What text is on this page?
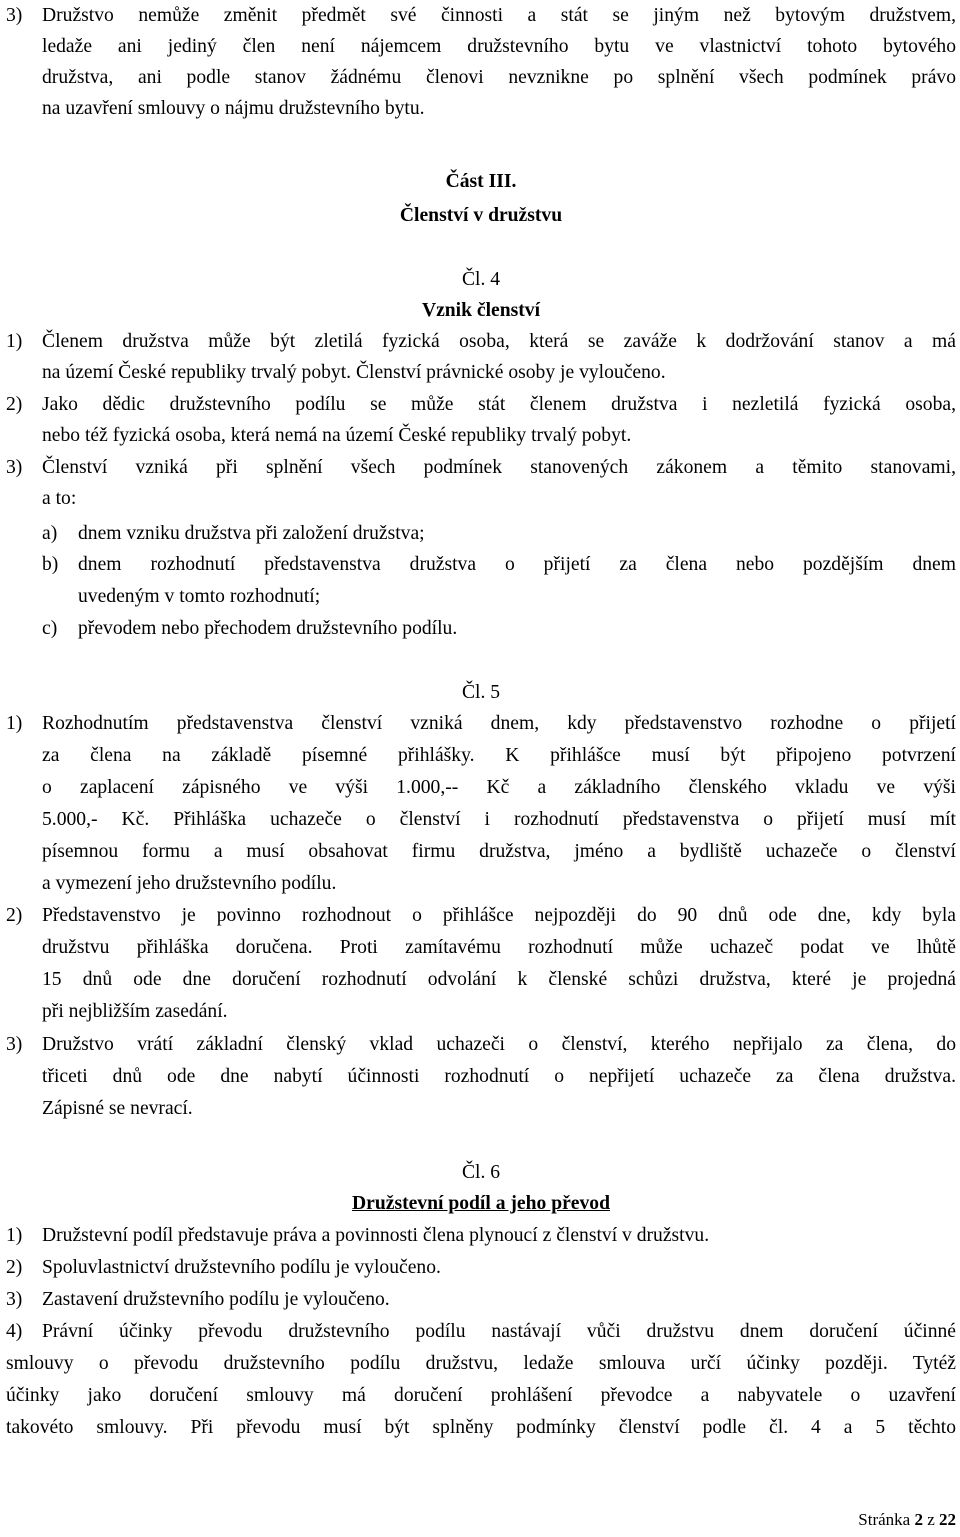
3) Družstvo nemůže změnit předmět své činnosti a stát se jiným než bytovým družstvem,
ledaže ani jediný člen není nájemcem družstevního bytu ve vlastnictví tohoto bytového
družstva, ani podle stanov žádnému členovi nevznikne po splnění všech podmínek právo
na uzavření smlouvy o nájmu družstevního bytu.
Část III.
Členství v družstvu
Čl. 4
Vznik členství
1) Členem družstva může být zletilá fyzická osoba, která se zaváže k dodržování stanov a má
na území České republiky trvalý pobyt. Členství právnické osoby je vyloučeno.
2) Jako dědic družstevního podílu se může stát členem družstva i nezletilá fyzická osoba,
nebo též fyzická osoba, která nemá na území České republiky trvalý pobyt.
3) Členství vzniká při splnění všech podmínek stanovených zákonem a těmito stanovami,
a to:
a) dnem vzniku družstva při založení družstva;
b) dnem rozhodnutí představenstva družstva o přijetí za člena nebo pozdějším dnem
uvedeným v tomto rozhodnutí;
c) převodem nebo přechodem družstevního podílu.
Čl. 5
1) Rozhodnutím představenstva členství vzniká dnem, kdy představenstvo rozhodne o přijetí
za člena na základě písemné přihlášky. K přihlášce musí být připojeno potvrzení
o zaplacení zápisného ve výši 1.000,-- Kč a základního členského vkladu ve výši
5.000,- Kč. Přihláška uchazeče o členství i rozhodnutí představenstva o přijetí musí mít
písemnou formu a musí obsahovat firmu družstva, jméno a bydliště uchazeče o členství
a vymezení jeho družstevního podílu.
2) Představenstvo je povinno rozhodnout o přihlášce nejpozději do 90 dnů ode dne, kdy byla
družstvu přihláška doručena. Proti zamítavému rozhodnutí může uchazeč podat ve lhůtě
15 dnů ode dne doručení rozhodnutí odvolání k členské schůzi družstva, které je projedná
při nejbližším zasedání.
3) Družstvo vrátí základní členský vklad uchazeči o členství, kterého nepřijalo za člena, do
třiceti dnů ode dne nabytí účinnosti rozhodnutí o nepřijetí uchazeče za člena družstva.
Zápisné se nevrací.
Čl. 6
Družstevní podíl a jeho převod
1) Družstevní podíl představuje práva a povinnosti člena plynoucí z členství v družstvu.
2) Spoluvlastnictví družstevního podílu je vyloučeno.
3) Zastavení družstevního podílu je vyloučeno.
4) Právní účinky převodu družstevního podílu nastávají vůči družstvu dnem doručení účinné
smlouvy o převodu družstevního podílu družstvu, ledaže smlouva určí účinky později. Tytéž
účinky jako doručení smlouvy má doručení prohlášení převodce a nabyvatele o uzavření
takovéto smlouvy. Při převodu musí být splněny podmínky členství podle čl. 4 a 5 těchto
Stránka 2 z 22
